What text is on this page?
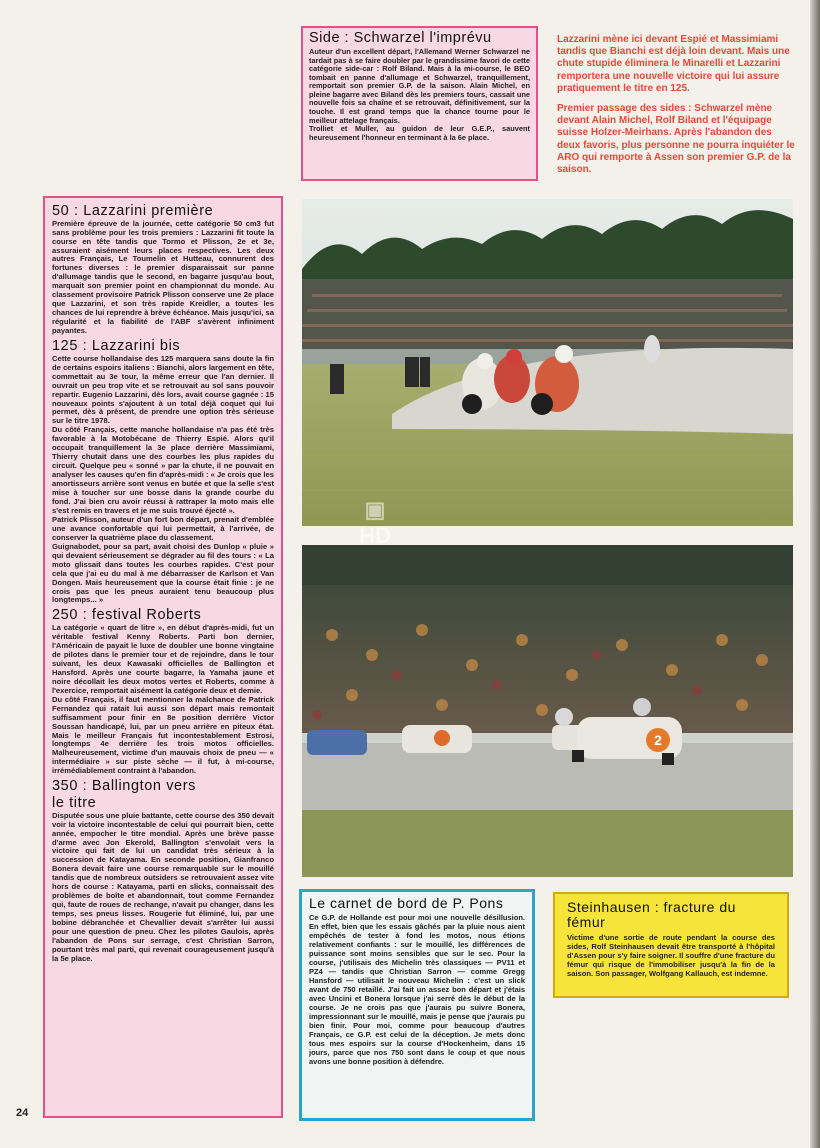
Side : Schwarzel l'imprévu

Auteur d'un excellent départ, l'Allemand Werner Schwarzel ne tardait pas à se faire doubler par le grandissime favori de cette catégorie side-car : Rolf Biland. Mais à la mi-course, le BEO tombait en panne d'allumage et Schwarzel, tranquillement, remportait son premier G.P. de la saison. Alain Michel, en pleine bagarre avec Biland dès les premiers tours, cassait une nouvelle fois sa chaîne et se retrouvait, définitivement, sur la touche. Il est grand temps que la chance tourne pour le meilleur attelage français.

Trolliet et Muller, au guidon de leur G.E.P., sauvent heureusement l'honneur en terminant à la 6e place.

Lazzarini mène ici devant Espié et Massimiami tandis que Bianchi est déjà loin devant. Mais une chute stupide éliminera le Minarelli et Lazzarini remportera une nouvelle victoire qui lui assure pratiquement le titre en 125.

Premier passage des sides : Schwarzel mène devant Alain Michel, Rolf Biland et l'équipage suisse Holzer-Meirhans. Après l'abandon des deux favoris, plus personne ne pourra inquiéter le ARO qui remporte à Assen son premier G.P. de la saison.

50 : Lazzarini première
Première épreuve de la journée, cette catégorie 50 cm3 fut sans problème pour les trois premiers : Lazzarini fit toute la course en tête tandis que Tormo et Plisson, 2e et 3e, assuraient aisément leurs places respectives. Les deux autres Français, Le Toumelin et Hutteau, connurent des fortunes diverses : le premier disparaissait sur panne d'allumage tandis que le second, en bagarre jusqu'au bout, marquait son premier point en championnat du monde. Au classement provisoire Patrick Plisson conserve une 2e place que Lazzarini, et son très rapide Kreidler, a toutes les chances de lui reprendre à brève échéance. Mais jusqu'ici, sa régularité et la fiabilité de l'ABF s'avèrent infiniment payantes.
125 : Lazzarini bis

Cette course hollandaise des 125 marquera sans doute la fin de certains espoirs italiens : Bianchi, alors largement en tête, commettait au 3e tour, la même erreur que l'an dernier. Il ouvrait un peu trop vite et se retrouvait au sol sans pouvoir repartir. Eugenio Lazzarini, dès lors, avait course gagnée : 15 nouveaux points s'ajoutent à un total déjà coquet qui lui permet, dès à présent, de prendre une option très sérieuse sur le titre 1978.

Du côté Français, cette manche hollandaise n'a pas été très favorable à la Motobécane de Thierry Espié. Alors qu'il occupait tranquillement la 3e place derrière Massimiami, Thierry chutait dans une des courbes les plus rapides du circuit. Quelque peu « sonné » par la chute, il ne pouvait en analyser les causes qu'en fin d'après-midi : « Je crois que les amortisseurs arrière sont venus en butée et que la selle s'est mise à toucher sur une bosse dans la grande courbe du fond. J'ai bien cru avoir réussi à rattraper la moto mais elle s'est remis en travers et je me suis trouvé éjecté ».

Patrick Plisson, auteur d'un fort bon départ, prenait d'emblée une avance confortable qui lui permettait, à l'arrivée, de conserver la quatrième place du classement.

Guignabodet, pour sa part, avait choisi des Dunlop « pluie » qui devaient sérieusement se dégrader au fil des tours : « La moto glissait dans toutes les courbes rapides. C'est pour cela que j'ai eu du mal à me débarrasser de Karlson et Van Dongen. Mais heureusement que la course était finie : je ne crois pas que les pneus auraient tenu beaucoup plus longtemps... »

250 : festival Roberts

La catégorie « quart de litre », en début d'après-midi, fut un véritable festival Kenny Roberts. Parti bon dernier, l'Américain de payait le luxe de doubler une bonne vingtaine de pilotes dans le premier tour et de rejoindre, dans le tour suivant, les deux Kawasaki officielles de Ballington et Hansford. Après une courte bagarre, la Yamaha jaune et noire décollait les deux motos vertes et Roberts, comme à l'exercice, remportait aisément la catégorie deux et demie.

Du côté Français, il faut mentionner la malchance de Patrick Fernandez qui ratait lui aussi son départ mais remontait suffisamment pour finir en 8e position derrière Victor Soussan handicapé, lui, par un pneu arrière en piteux état. Mais le meilleur Français fut incontestablement Estrosi, longtemps 4e derrière les trois motos officielles. Malheureusement, victime d'un mauvais choix de pneu — « intermédiaire » sur piste sèche — il fut, à mi-course, irrémédiablement contraint à l'abandon.

350 : Ballington vers le titre
Disputée sous une pluie battante, cette course des 350 devait voir la victoire incontestable de celui qui pourrait bien, cette année, empocher le titre mondial. Après une brève passe d'arme avec Jon Ekerold, Ballington s'envolait vers la victoire qui fait de lui un candidat très sérieux à la succession de Katayama. En seconde position, Gianfranco Bonera devait faire une course remarquable sur le mouillé tandis que de nombreux outsiders se retrouvaient assez vite hors de course : Katayama, parti en slicks, connaissait des problèmes de boîte et abandonnait, tout comme Fernandez qui, faute de roues de rechange, n'avait pu changer, dans les temps, ses pneus lisses. Rougerie fut éliminé, lui, par une bobine débranchée et Chevallier devait s'arrêter lui aussi pour une question de pneu. Chez les pilotes Gaulois, après l'abandon de Pons sur serrage, c'est Christian Sarron, pourtant très mal parti, qui revenait courageusement jusqu'à la 5e place.
2
▣
HD
Le carnet de bord de P. Pons
Ce G.P. de Hollande est pour moi une nouvelle désillusion. En effet, bien que les essais gâchés par la pluie nous aient empêchés de tester à fond les motos, nous étions relativement confiants : sur le mouillé, les différences de puissance sont moins sensibles que sur le sec. Pour la course, j'utilisais des Michelin très classiques — PV11 et PZ4 — tandis que Christian Sarron — comme Gregg Hansford — utilisait le nouveau Michelin : c'est un slick avant de 750 retaillé. J'ai fait un assez bon départ et j'étais avec Uncini et Bonera lorsque j'ai serré dès le début de la course. Je ne crois pas que j'aurais pu suivre Bonera, impressionnant sur le mouillé, mais je pense que j'aurais pu bien finir. Pour moi, comme pour beaucoup d'autres Français, ce G.P. est celui de la déception. Je mets donc tous mes espoirs sur la course d'Hockenheim, dans 15 jours, parce que nos 750 sont dans le coup et que nous avons une bonne position à défendre.
Steinhausen : fracture du fémur
Victime d'une sortie de route pendant la course des sides, Rolf Steinhausen devait être transporté à l'hôpital d'Assen pour s'y faire soigner. Il souffre d'une fracture du fémur qui risque de l'immobiliser jusqu'à la fin de la saison. Son passager, Wolfgang Kallauch, est indemne.
24
